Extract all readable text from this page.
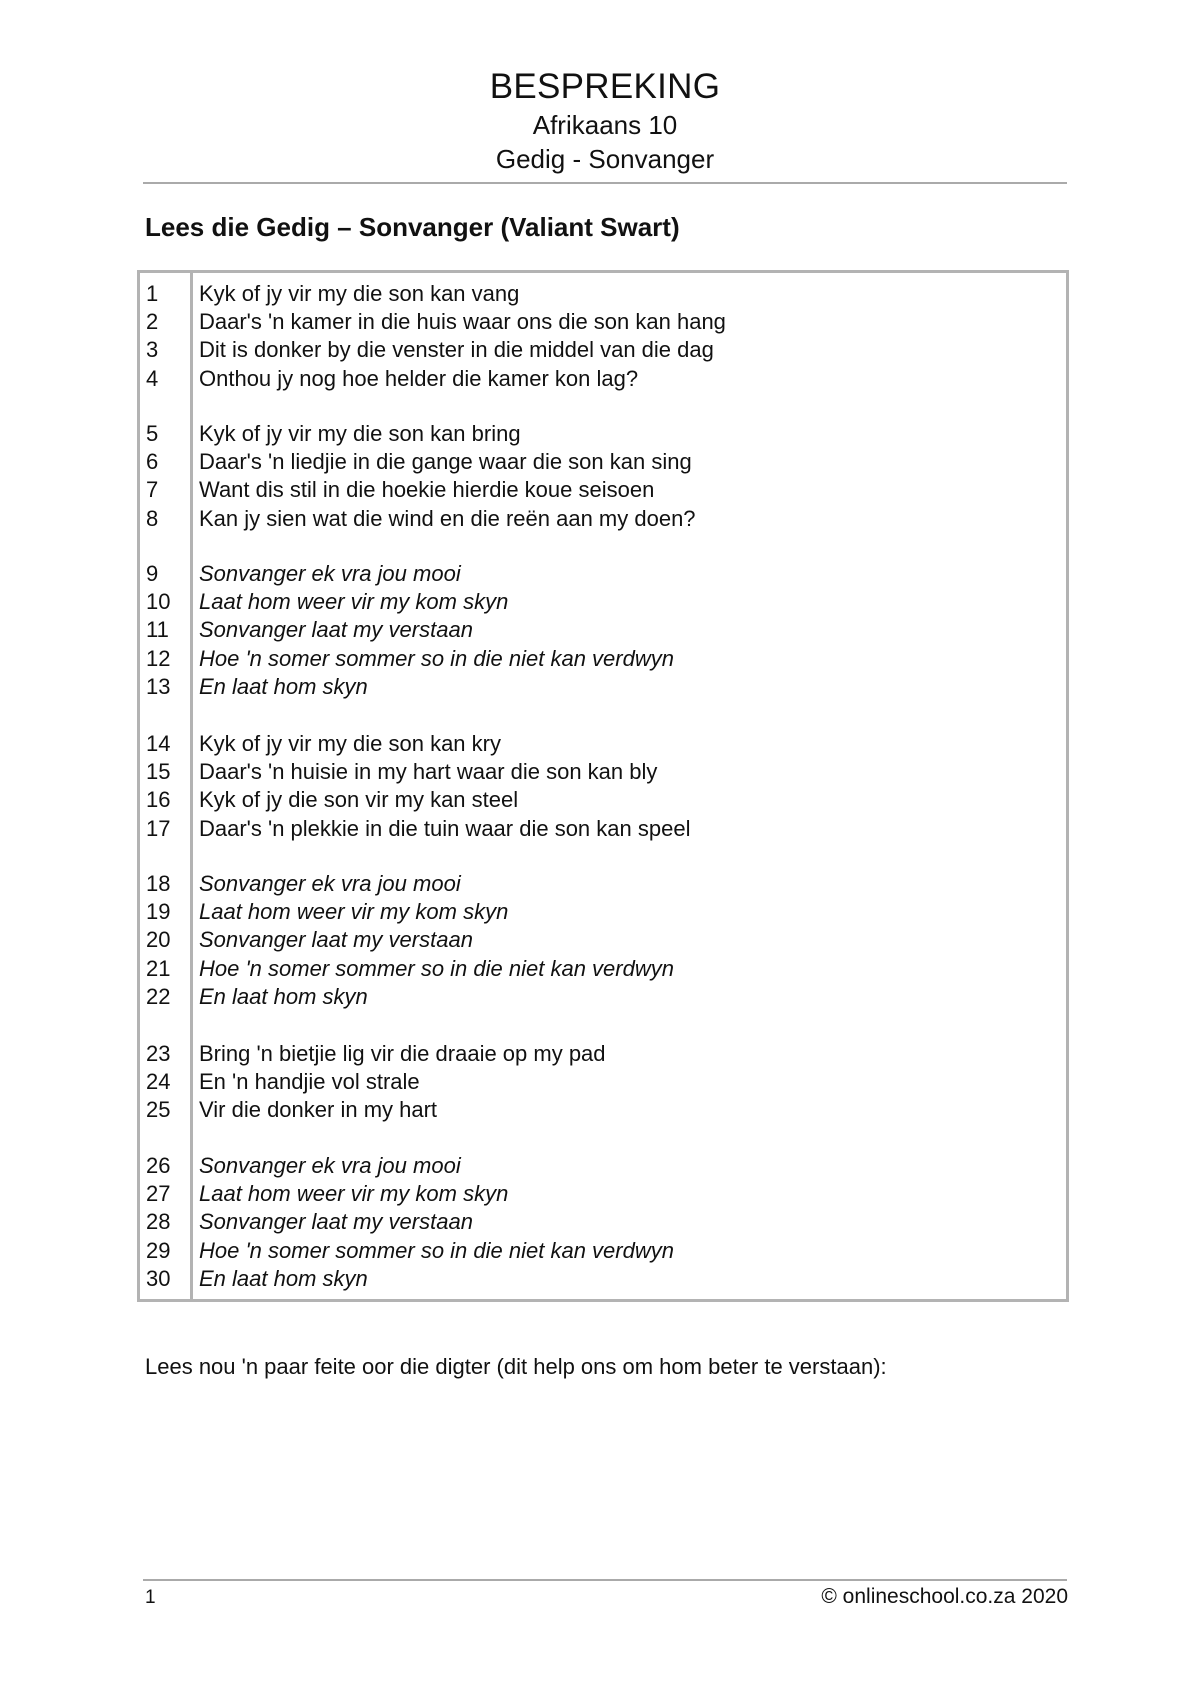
BESPREKING
Afrikaans 10
Gedig - Sonvanger
Lees die Gedig – Sonvanger (Valiant Swart)
1	Kyk of jy vir my die son kan vang
2	Daar's 'n kamer in die huis waar ons die son kan hang
3	Dit is donker by die venster in die middel van die dag
4	Onthou jy nog hoe helder die kamer kon lag?
5	Kyk of jy vir my die son kan bring
6	Daar's 'n liedjie in die gange waar die son kan sing
7	Want dis stil in die hoekie hierdie koue seisoen
8	Kan jy sien wat die wind en die reën aan my doen?
9	Sonvanger ek vra jou mooi
10	Laat hom weer vir my kom skyn
11	Sonvanger laat my verstaan
12	Hoe 'n somer sommer so in die niet kan verdwyn
13	En laat hom skyn
14	Kyk of jy vir my die son kan kry
15	Daar's 'n huisie in my hart waar die son kan bly
16	Kyk of jy die son vir my kan steel
17	Daar's 'n plekkie in die tuin waar die son kan speel
18	Sonvanger ek vra jou mooi
19	Laat hom weer vir my kom skyn
20	Sonvanger laat my verstaan
21	Hoe 'n somer sommer so in die niet kan verdwyn
22	En laat hom skyn
23	Bring 'n bietjie lig vir die draaie op my pad
24	En 'n handjie vol strale
25	Vir die donker in my hart
26	Sonvanger ek vra jou mooi
27	Laat hom weer vir my kom skyn
28	Sonvanger laat my verstaan
29	Hoe 'n somer sommer so in die niet kan verdwyn
30	En laat hom skyn
Lees nou 'n paar feite oor die digter (dit help ons om hom beter te verstaan):
1	© onlineschool.co.za 2020
